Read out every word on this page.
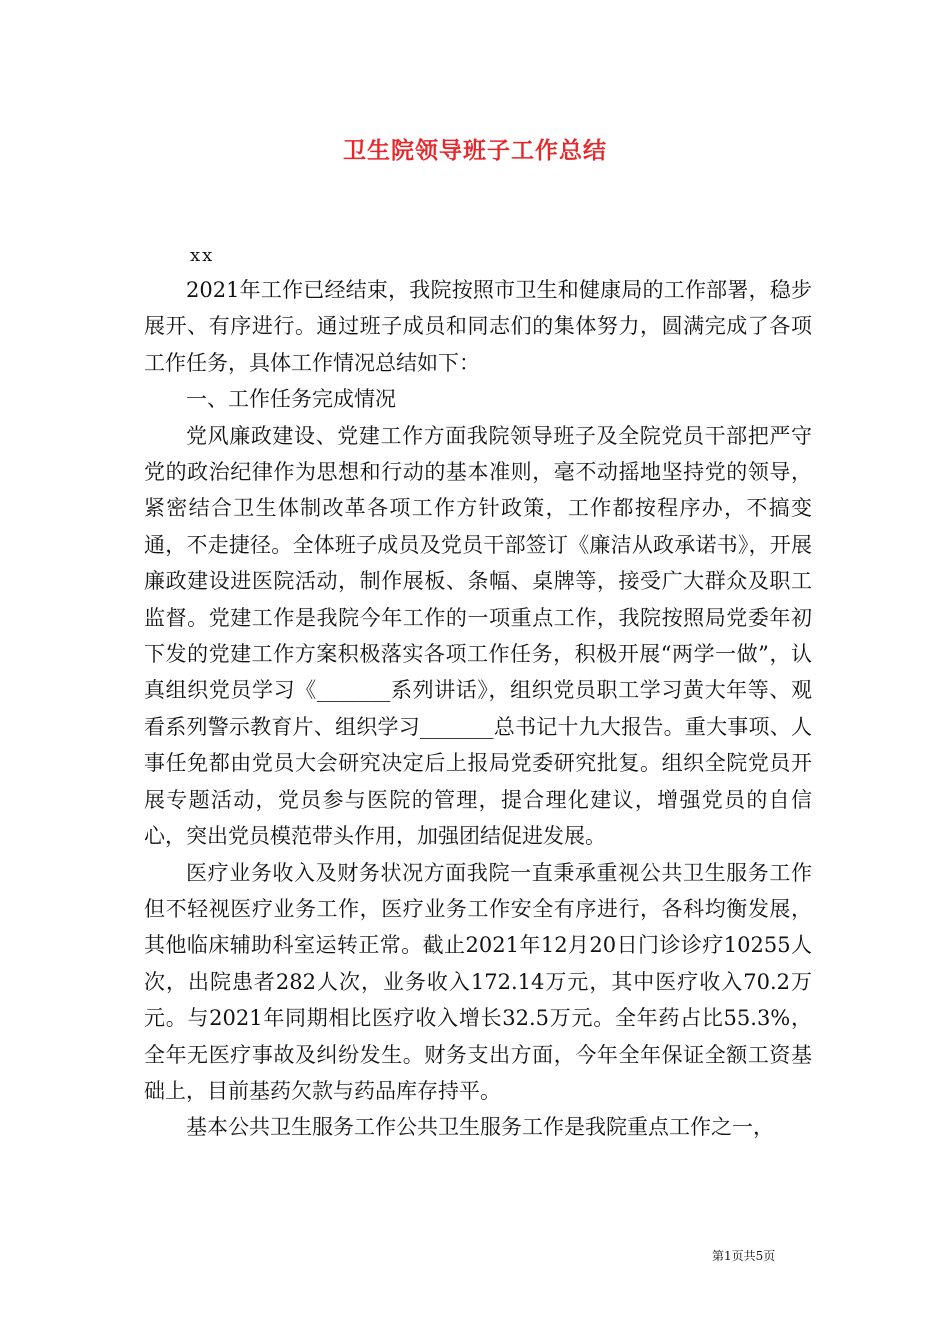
卫生院领导班子工作总结
xx

2021年工作已经结束，我院按照市卫生和健康局的工作部署，稳步展开、有序进行。通过班子成员和同志们的集体努力，圆满完成了各项工作任务，具体工作情况总结如下：

一、工作任务完成情况

党风廉政建设、党建工作方面我院领导班子及全院党员干部把严守党的政治纪律作为思想和行动的基本准则，毫不动摇地坚持党的领导，紧密结合卫生体制改革各项工作方针政策，工作都按程序办，不搞变通，不走捷径。全体班子成员及党员干部签订《廉洁从政承诺书》，开展廉政建设进医院活动，制作展板、条幅、桌牌等，接受广大群众及职工监督。党建工作是我院今年工作的一项重点工作，我院按照局党委年初下发的党建工作方案积极落实各项工作任务，积极开展“两学一做”，认真组织党员学习《_______系列讲话》，组织党员职工学习黄大年等、观看系列警示教育片、组织学习_______总书记十九大报告。重大事项、人事任免都由党员大会研究决定后上报局党委研究批复。组织全院党员开展专题活动，党员参与医院的管理，提合理化建议，增强党员的自信心，突出党员模范带头作用，加强团结促进发展。

医疗业务收入及财务状况方面我院一直秉承重视公共卫生服务工作但不轻视医疗业务工作，医疗业务工作安全有序进行，各科均衡发展，其他临床辅助科室运转正常。截止2021年12月20日门诊诊疗10255人次，出院患者282人次，业务收入172.14万元，其中医疗收入70.2万元。与2021年同期相比医疗收入增长32.5万元。全年药占比55.3%，全年无医疗事故及纠纷发生。财务支出方面，今年全年保证全额工资基础上，目前基药欠款与药品库存持平。

基本公共卫生服务工作公共卫生服务工作是我院重点工作之一，

第1页共5页
